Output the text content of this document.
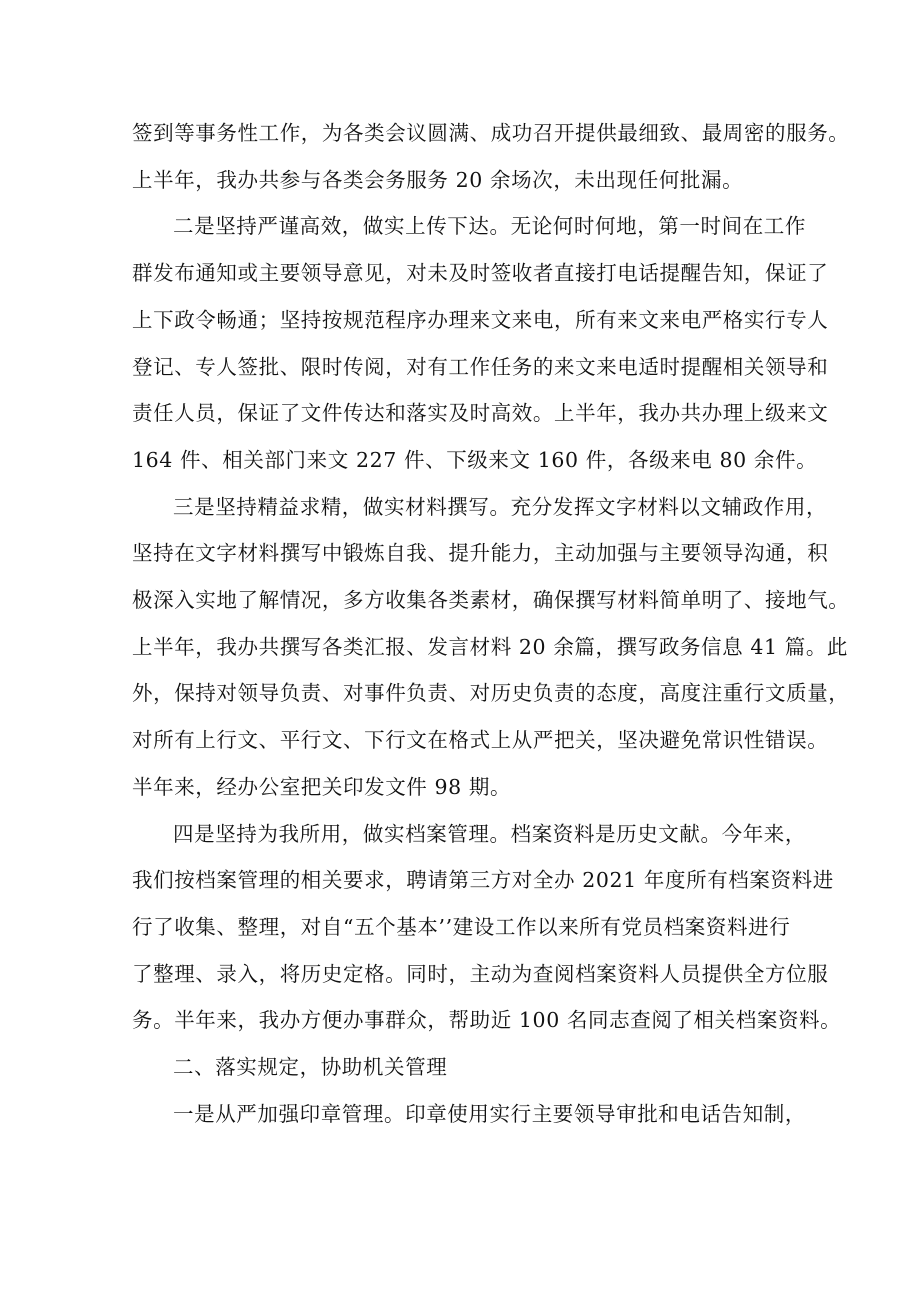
签到等事务性工作，为各类会议圆满、成功召开提供最细致、最周密的服务。
上半年，我办共参与各类会务服务 20 余场次，未出现任何批漏。

二是坚持严谨高效，做实上传下达。无论何时何地，第一时间在工作
群发布通知或主要领导意见，对未及时签收者直接打电话提醒告知，保证了
上下政令畅通；坚持按规范程序办理来文来电，所有来文来电严格实行专人
登记、专人签批、限时传阅，对有工作任务的来文来电适时提醒相关领导和
责任人员，保证了文件传达和落实及时高效。上半年，我办共办理上级来文
164 件、相关部门来文 227 件、下级来文 160 件，各级来电 80 余件。

三是坚持精益求精，做实材料撰写。充分发挥文字材料以文辅政作用，
坚持在文字材料撰写中锻炼自我、提升能力，主动加强与主要领导沟通，积
极深入实地了解情况，多方收集各类素材，确保撰写材料简单明了、接地气。
上半年，我办共撰写各类汇报、发言材料 20 余篇，撰写政务信息 41 篇。此
外，保持对领导负责、对事件负责、对历史负责的态度，高度注重行文质量，
对所有上行文、平行文、下行文在格式上从严把关，坚决避免常识性错误。
半年来，经办公室把关印发文件 98 期。

四是坚持为我所用，做实档案管理。档案资料是历史文献。今年来，
我们按档案管理的相关要求，聘请第三方对全办 2021 年度所有档案资料进
行了收集、整理，对自“五个基本’’建设工作以来所有党员档案资料进行
了整理、录入，将历史定格。同时，主动为查阅档案资料人员提供全方位服
务。半年来，我办方便办事群众，帮助近 100 名同志查阅了相关档案资料。

二、落实规定，协助机关管理

一是从严加强印章管理。印章使用实行主要领导审批和电话告知制，
